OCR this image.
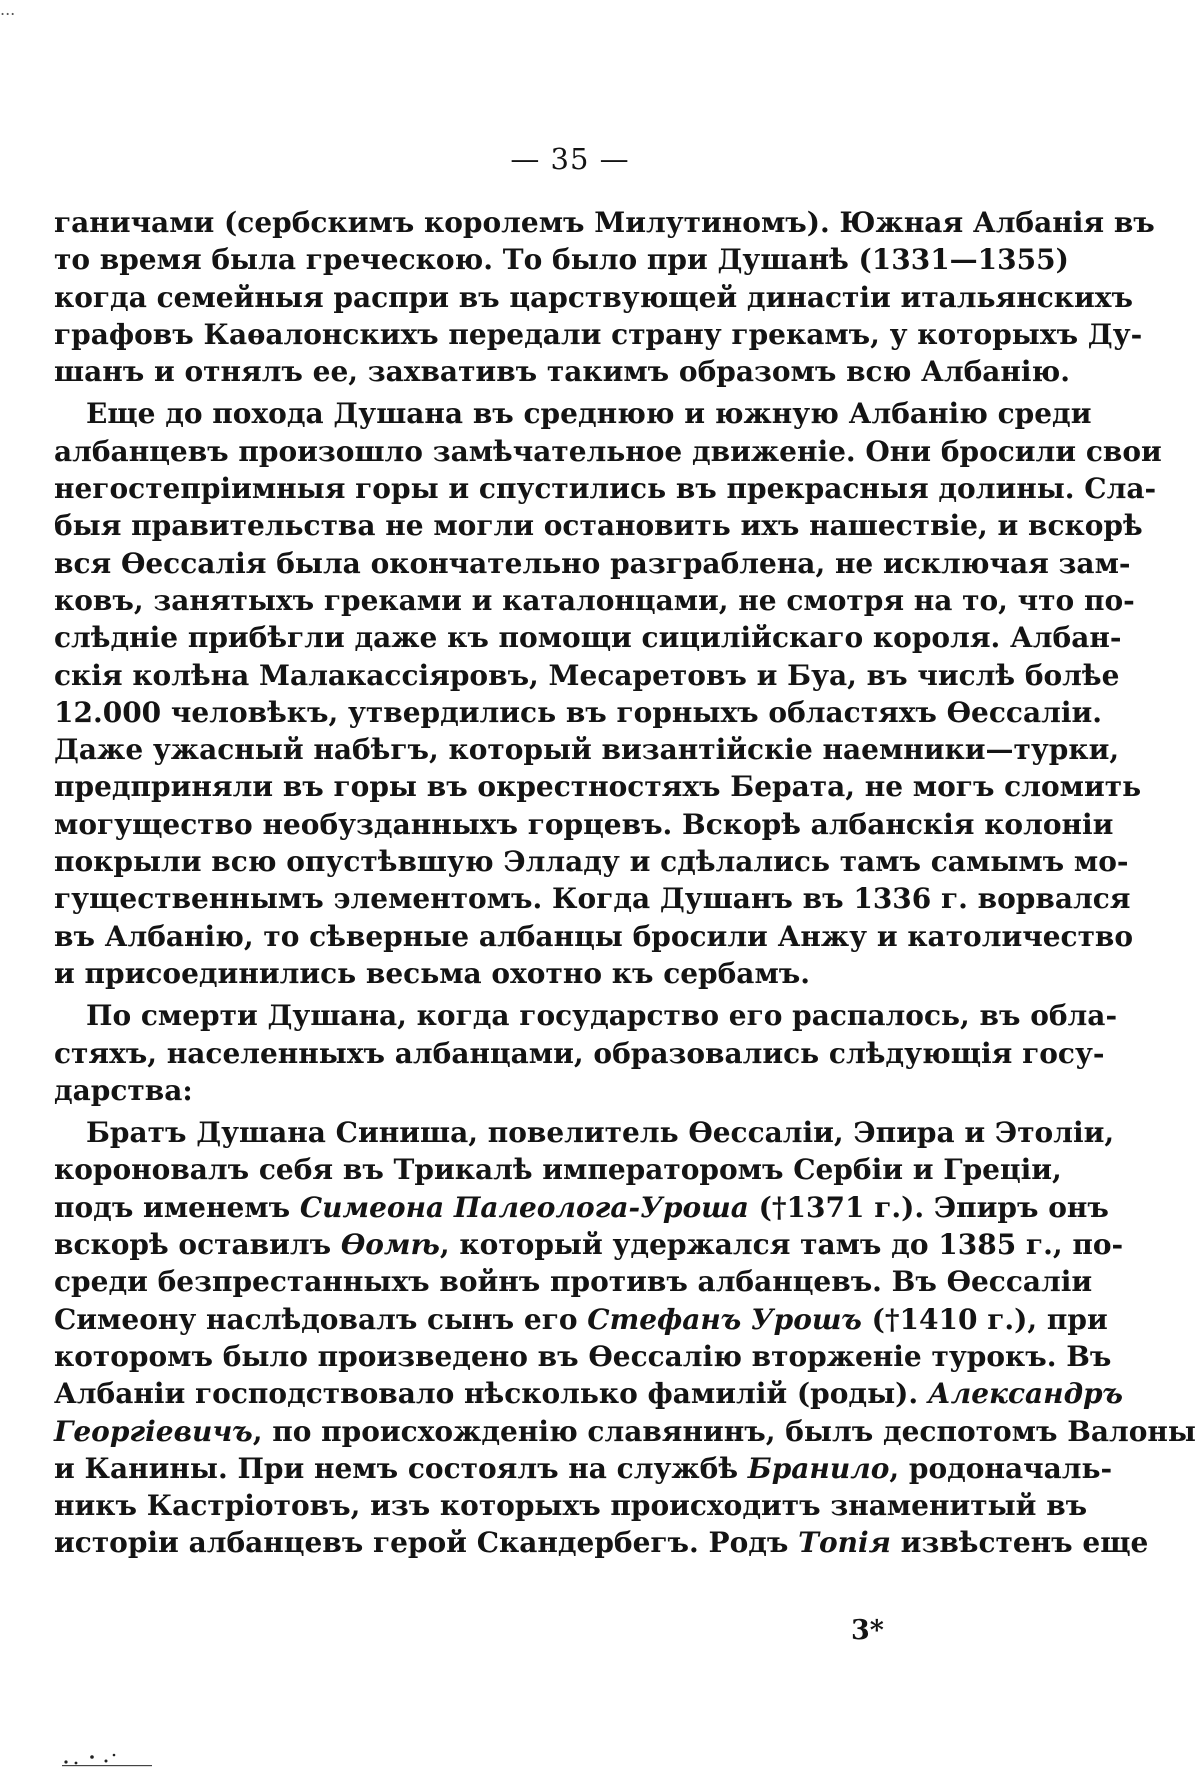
...
— 35 —
ганичами (сербскимъ королемъ Милутиномъ). Южная Албанія въ
то время была греческою. То было при Душанѣ (1331—1355)
когда семейныя распри въ царствующей династіи итальянскихъ
графовъ Каѳалонскихъ передали страну грекамъ, у которыхъ Ду-
шанъ и отнялъ ее, захвативъ такимъ образомъ всю Албанію.
Еще до похода Душана въ среднюю и южную Албанію среди
албанцевъ произошло замѣчательное движеніе. Они бросили свои
негостепріимныя горы и спустились въ прекрасныя долины. Сла-
быя правительства не могли остановить ихъ нашествіе, и вскорѣ
вся Ѳессалія была окончательно разграблена, не исключая зам-
ковъ, занятыхъ греками и каталонцами, не смотря на то, что по-
слѣдніе прибѣгли даже къ помощи сицилійскаго короля. Албан-
скія колѣна Малакассіяровъ, Месаретовъ и Буа, въ числѣ болѣе
12.000 человѣкъ, утвердились въ горныхъ областяхъ Ѳессаліи.
Даже ужасный набѣгъ, который византійскіе наемники—турки,
предприняли въ горы въ окрестностяхъ Берата, не могъ сломить
могущество необузданныхъ горцевъ. Вскорѣ албанскія колоніи
покрыли всю опустѣвшую Элладу и сдѣлались тамъ самымъ мо-
гущественнымъ элементомъ. Когда Душанъ въ 1336 г. ворвался
въ Албанію, то сѣверные албанцы бросили Анжу и католичество
и присоединились весьма охотно къ сербамъ.
По смерти Душана, когда государство его распалось, въ обла-
стяхъ, населенныхъ албанцами, образовались слѣдующія госу-
дарства:
Братъ Душана Синиша, повелитель Ѳессаліи, Эпира и Этоліи,
короновалъ себя въ Трикалѣ императоромъ Сербіи и Греціи,
подъ именемъ Симеона Палеолога-Уроша (†1371 г.). Эпиръ онъ
вскорѣ оставилъ Ѳомѣ, который удержался тамъ до 1385 г., по-
среди безпрестанныхъ войнъ противъ албанцевъ. Въ Ѳессаліи
Симеону наслѣдовалъ сынъ его Стефанъ Урошъ (†1410 г.), при
которомъ было произведено въ Ѳессалію вторженіе турокъ. Въ
Албаніи господствовало нѣсколько фамилій (роды). Александръ
Георгіевичъ, по происхожденію славянинъ, былъ деспотомъ Валоны
и Канины. При немъ состоялъ на службѣ Бранило, родоначаль-
никъ Кастріотовъ, изъ которыхъ происходитъ знаменитый въ
исторіи албанцевъ герой Скандербегъ. Родъ Топія извѣстенъ еще
3*
